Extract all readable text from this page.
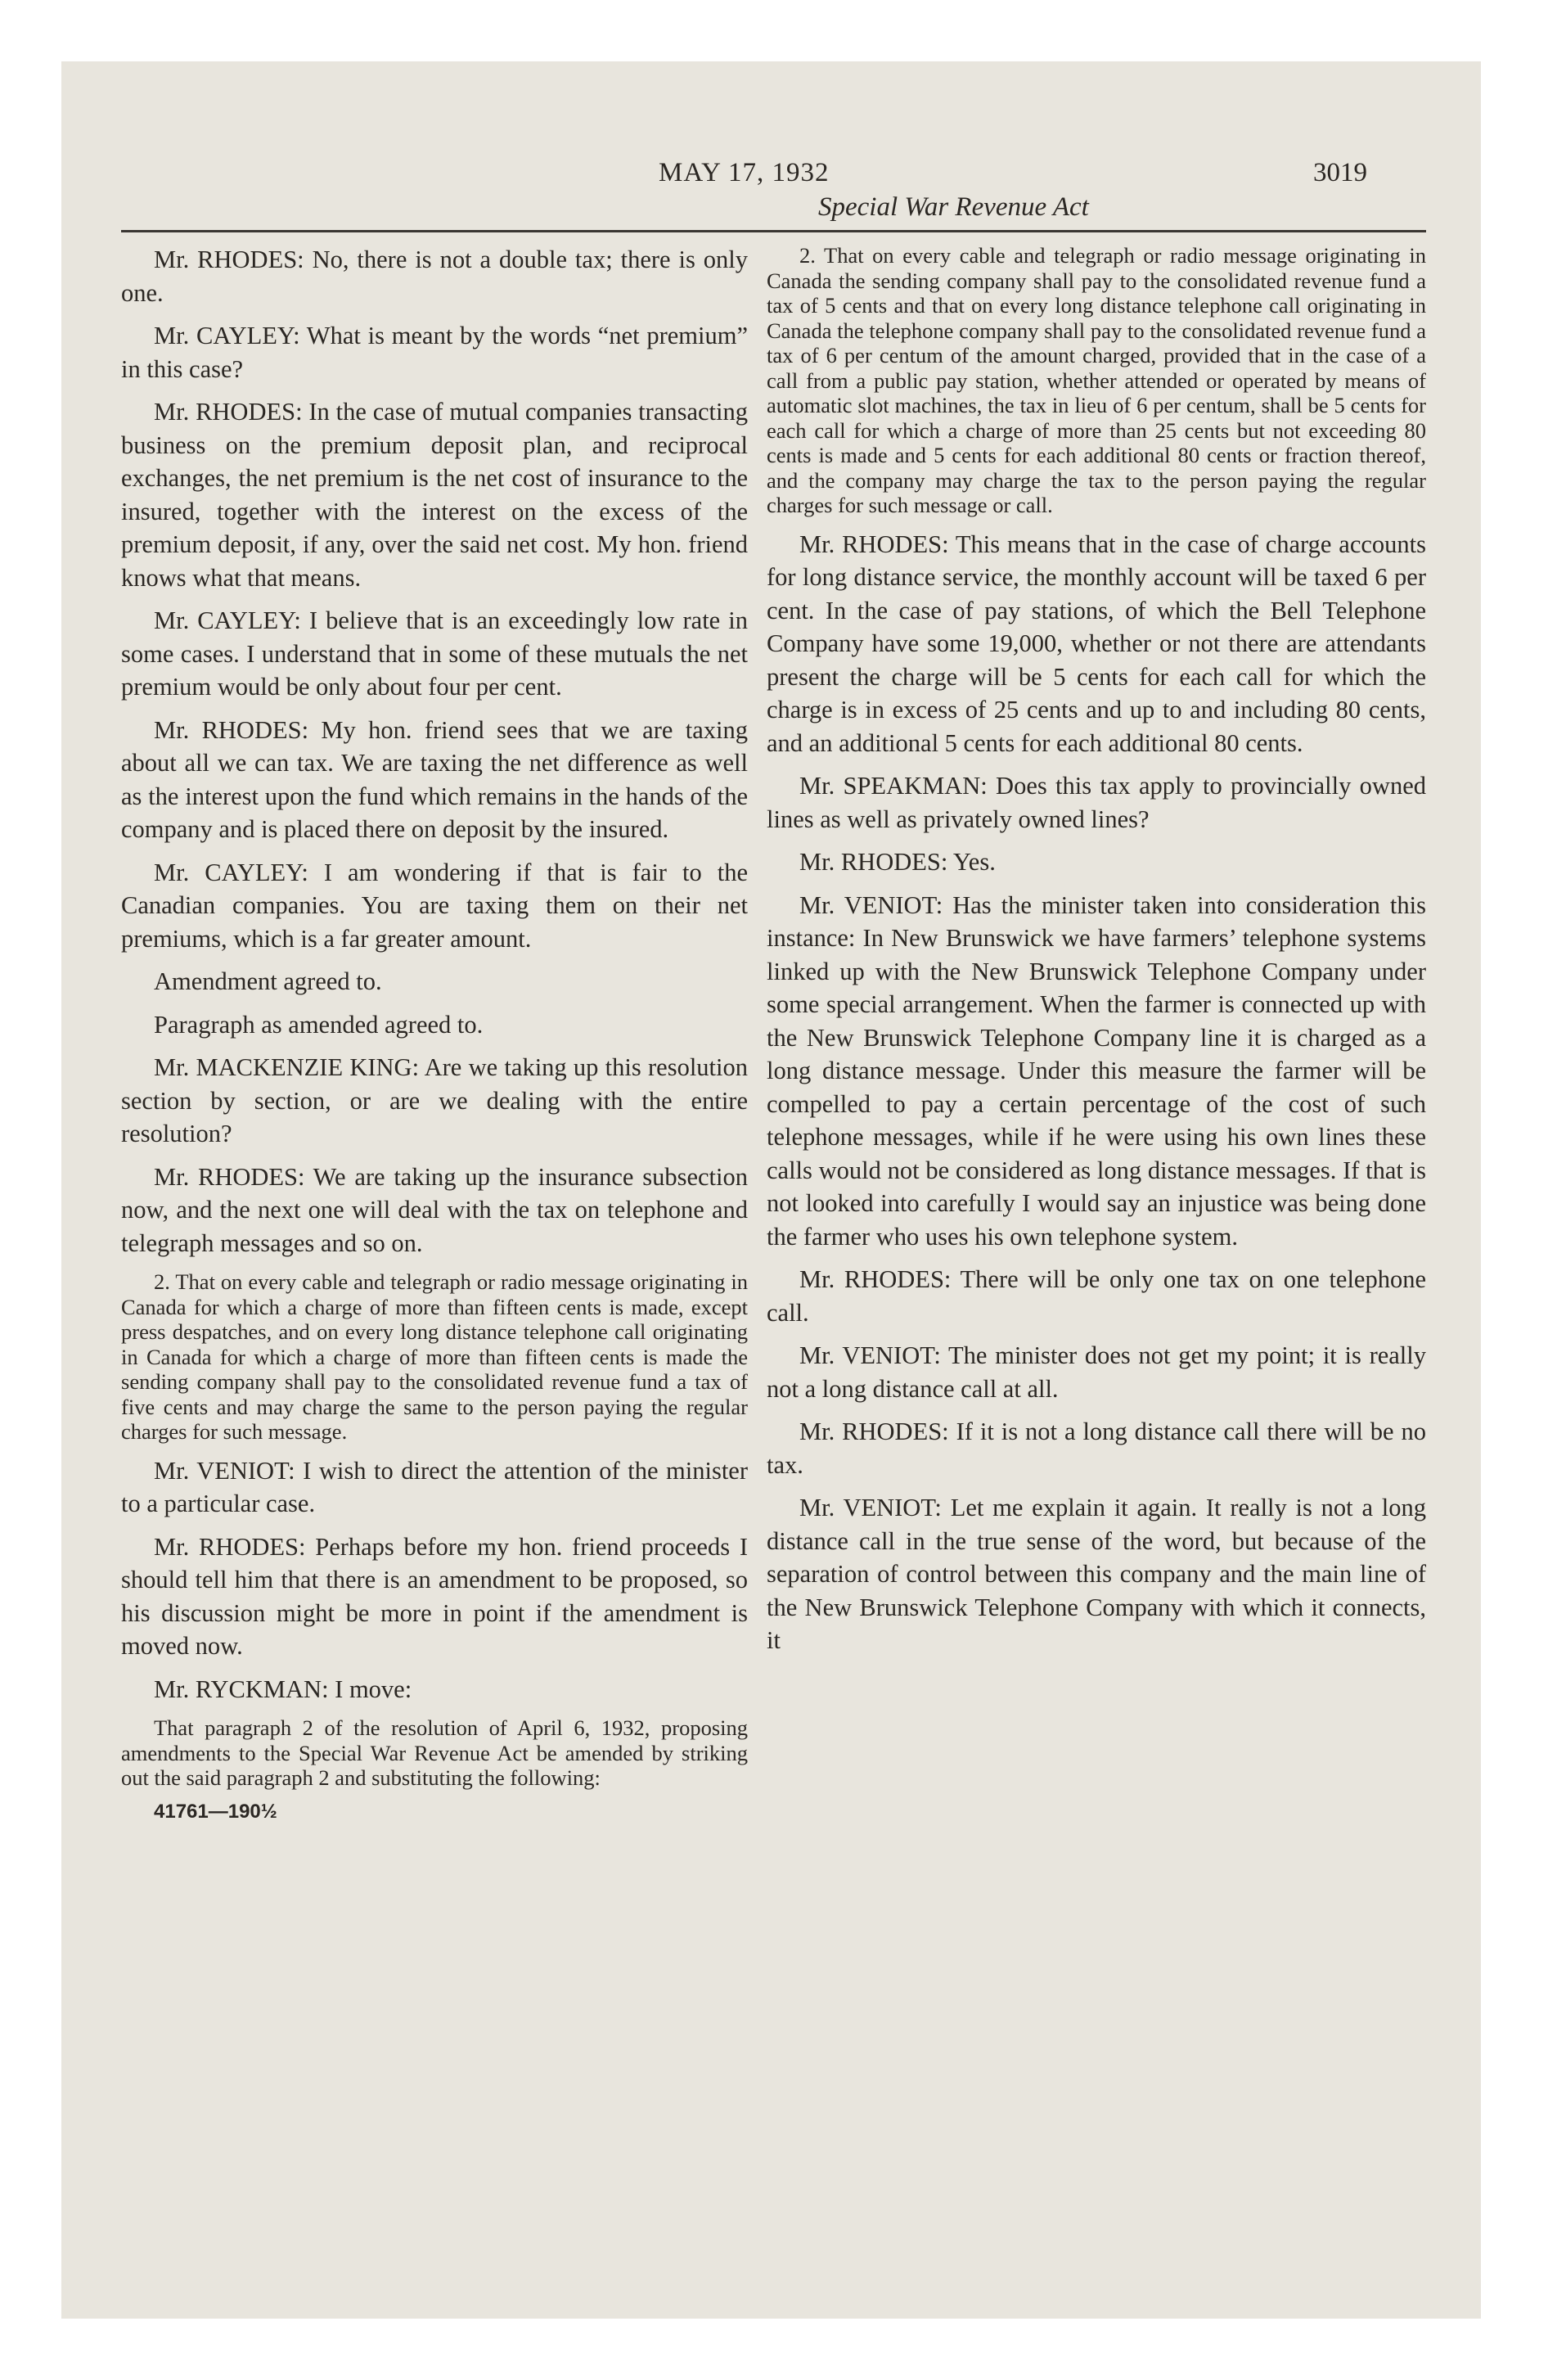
MAY 17, 1932	3019
Special War Revenue Act

Mr. RHODES: No, there is not a double tax; there is only one.

Mr. CAYLEY: What is meant by the words “net premium” in this case?

Mr. RHODES: In the case of mutual companies transacting business on the premium deposit plan, and reciprocal exchanges, the net premium is the net cost of insurance to the insured, together with the interest on the excess of the premium deposit, if any, over the said net cost. My hon. friend knows what that means.

Mr. CAYLEY: I believe that is an exceedingly low rate in some cases. I understand that in some of these mutuals the net premium would be only about four per cent.

Mr. RHODES: My hon. friend sees that we are taxing about all we can tax. We are taxing the net difference as well as the interest upon the fund which remains in the hands of the company and is placed there on deposit by the insured.

Mr. CAYLEY: I am wondering if that is fair to the Canadian companies. You are taxing them on their net premiums, which is a far greater amount.

Amendment agreed to.

Paragraph as amended agreed to.

Mr. MACKENZIE KING: Are we taking up this resolution section by section, or are we dealing with the entire resolution?

Mr. RHODES: We are taking up the insurance subsection now, and the next one will deal with the tax on telephone and telegraph messages and so on.

2. That on every cable and telegraph or radio message originating in Canada for which a charge of more than fifteen cents is made, except press despatches, and on every long distance telephone call originating in Canada for which a charge of more than fifteen cents is made the sending company shall pay to the consolidated revenue fund a tax of five cents and may charge the same to the person paying the regular charges for such message.

Mr. VENIOT: I wish to direct the attention of the minister to a particular case.

Mr. RHODES: Perhaps before my hon. friend proceeds I should tell him that there is an amendment to be proposed, so his discussion might be more in point if the amendment is moved now.

Mr. RYCKMAN: I move:

That paragraph 2 of the resolution of April 6, 1932, proposing amendments to the Special War Revenue Act be amended by striking out the said paragraph 2 and substituting the following:

41761—190½

2. That on every cable and telegraph or radio message originating in Canada the sending company shall pay to the consolidated revenue fund a tax of 5 cents and that on every long distance telephone call originating in Canada the telephone company shall pay to the consolidated revenue fund a tax of 6 per centum of the amount charged, provided that in the case of a call from a public pay station, whether attended or operated by means of automatic slot machines, the tax in lieu of 6 per centum, shall be 5 cents for each call for which a charge of more than 25 cents but not exceeding 80 cents is made and 5 cents for each additional 80 cents or fraction thereof, and the company may charge the tax to the person paying the regular charges for such message or call.

Mr. RHODES: This means that in the case of charge accounts for long distance service, the monthly account will be taxed 6 per cent. In the case of pay stations, of which the Bell Telephone Company have some 19,000, whether or not there are attendants present the charge will be 5 cents for each call for which the charge is in excess of 25 cents and up to and including 80 cents, and an additional 5 cents for each additional 80 cents.

Mr. SPEAKMAN: Does this tax apply to provincially owned lines as well as privately owned lines?

Mr. RHODES: Yes.

Mr. VENIOT: Has the minister taken into consideration this instance: In New Brunswick we have farmers’ telephone systems linked up with the New Brunswick Telephone Company under some special arrangement. When the farmer is connected up with the New Brunswick Telephone Company line it is charged as a long distance message. Under this measure the farmer will be compelled to pay a certain percentage of the cost of such telephone messages, while if he were using his own lines these calls would not be considered as long distance messages. If that is not looked into carefully I would say an injustice was being done the farmer who uses his own telephone system.

Mr. RHODES: There will be only one tax on one telephone call.

Mr. VENIOT: The minister does not get my point; it is really not a long distance call at all.

Mr. RHODES: If it is not a long distance call there will be no tax.

Mr. VENIOT: Let me explain it again. It really is not a long distance call in the true sense of the word, but because of the separation of control between this company and the main line of the New Brunswick Telephone Company with which it connects, it
